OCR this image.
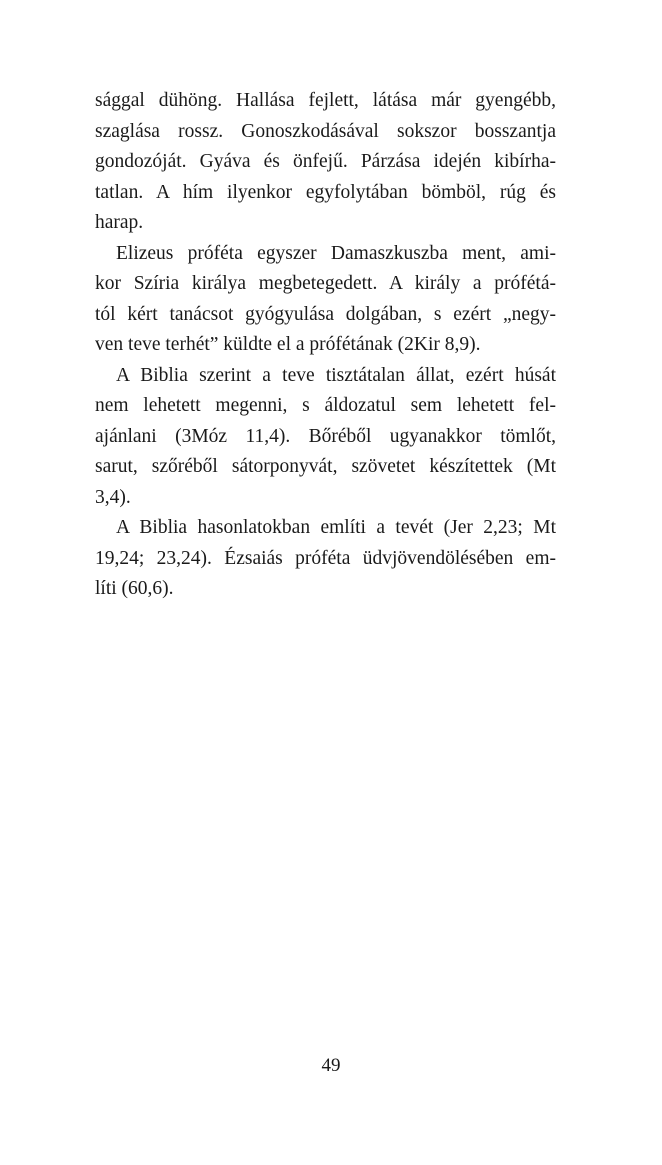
sággal dühöng. Hallása fejlett, látása már gyengébb,
szaglása rossz. Gonoszkodásával sokszor bosszantja
gondozóját. Gyáva és önfejű. Párzása idején kibírha-
tatlan. A hím ilyenkor egyfolytában bömböl, rúg és
harap.
Elizeus próféta egyszer Damaszkuszba ment, ami-
kor Szíria királya megbetegedett. A király a prófétá-
tól kért tanácsot gyógyulása dolgában, s ezért „negy-
ven teve terhét” küldte el a prófétának (2Kir 8,9).
A Biblia szerint a teve tisztátalan állat, ezért húsát
nem lehetett megenni, s áldozatul sem lehetett fel-
ajánlani (3Móz 11,4). Bőréből ugyanakkor tömlőt,
sarut, szőréből sátorponyvát, szövetet készítettek (Mt
3,4).
A Biblia hasonlatokban említi a tevét (Jer 2,23; Mt
19,24; 23,24). Ézsaiás próféta üdvjövendölésében em-
líti (60,6).
49
